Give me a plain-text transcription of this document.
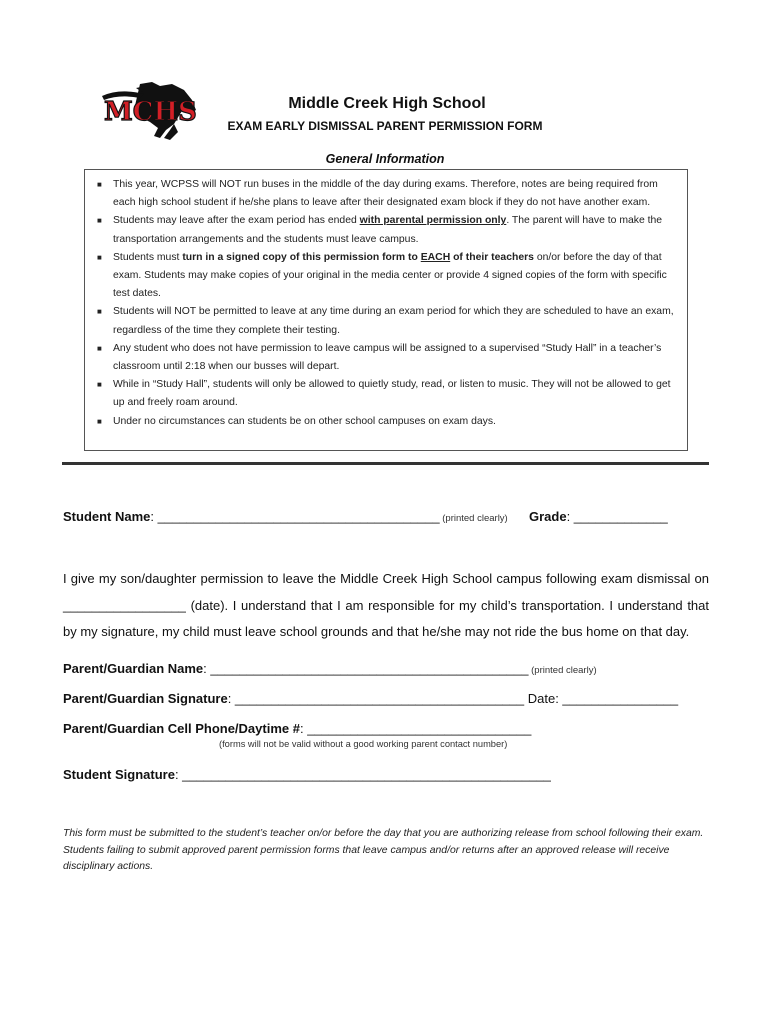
MCHS	Middle Creek High School
EXAM EARLY DISMISSAL PARENT PERMISSION FORM
General Information
■ This year, WCPSS will NOT run buses in the middle of the day during exams. Therefore, notes are being required from each high school student if he/she plans to leave after their designated exam block if they do not have another exam.
■ Students may leave after the exam period has ended with parental permission only. The parent will have to make the transportation arrangements and the students must leave campus.
■ Students must turn in a signed copy of this permission form to EACH of their teachers on/or before the day of that exam. Students may make copies of your original in the media center or provide 4 signed copies of the form with specific test dates.
■ Students will NOT be permitted to leave at any time during an exam period for which they are scheduled to have an exam, regardless of the time they complete their testing.
■ Any student who does not have permission to leave campus will be assigned to a supervised “Study Hall” in a teacher’s classroom until 2:18 when our busses will depart.
■ While in “Study Hall”, students will only be allowed to quietly study, read, or listen to music. They will not be allowed to get up and freely roam around.
■ Under no circumstances can students be on other school campuses on exam days.
Student Name: _______________________________________ (printed clearly) Grade: _____________
I give my son/daughter permission to leave the Middle Creek High School campus following exam dismissal on
_________________ (date). I understand that I am responsible for my child’s transportation. I understand that
by my signature, my child must leave school grounds and that he/she may not ride the bus home on that day.
Parent/Guardian Name: ____________________________________________ (printed clearly)
Parent/Guardian Signature: ________________________________________ Date: ________________
Parent/Guardian Cell Phone/Daytime #: _______________________________
(forms will not be valid without a good working parent contact number)
Student Signature: ___________________________________________________
This form must be submitted to the student’s teacher on/or before the day that you are authorizing release from school following their exam. Students failing to submit approved parent permission forms that leave campus and/or returns after an approved release will receive disciplinary actions.
